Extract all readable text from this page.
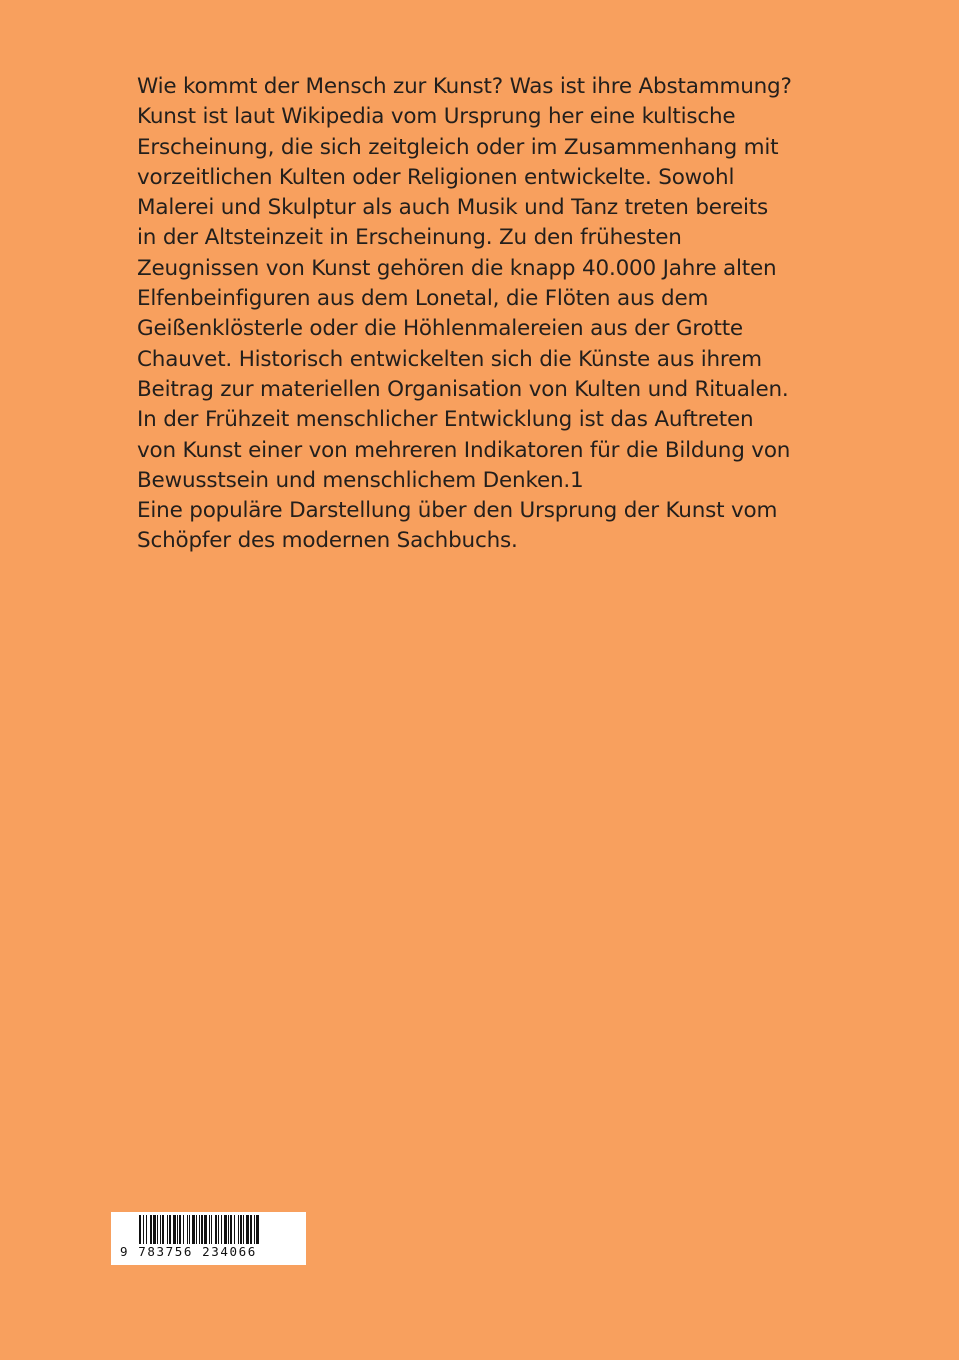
Wie kommt der Mensch zur Kunst? Was ist ihre Abstammung?
Kunst ist laut Wikipedia vom Ursprung her eine kultische
Erscheinung, die sich zeitgleich oder im Zusammenhang mit
vorzeitlichen Kulten oder Religionen entwickelte. Sowohl
Malerei und Skulptur als auch Musik und Tanz treten bereits
in der Altsteinzeit in Erscheinung. Zu den frühesten
Zeugnissen von Kunst gehören die knapp 40.000 Jahre alten
Elfenbeinfiguren aus dem Lonetal, die Flöten aus dem
Geißenklösterle oder die Höhlenmalereien aus der Grotte
Chauvet. Historisch entwickelten sich die Künste aus ihrem
Beitrag zur materiellen Organisation von Kulten und Ritualen.
In der Frühzeit menschlicher Entwicklung ist das Auftreten
von Kunst einer von mehreren Indikatoren für die Bildung von
Bewusstsein und menschlichem Denken.1
Eine populäre Darstellung über den Ursprung der Kunst vom
Schöpfer des modernen Sachbuchs.
9 783756 234066
